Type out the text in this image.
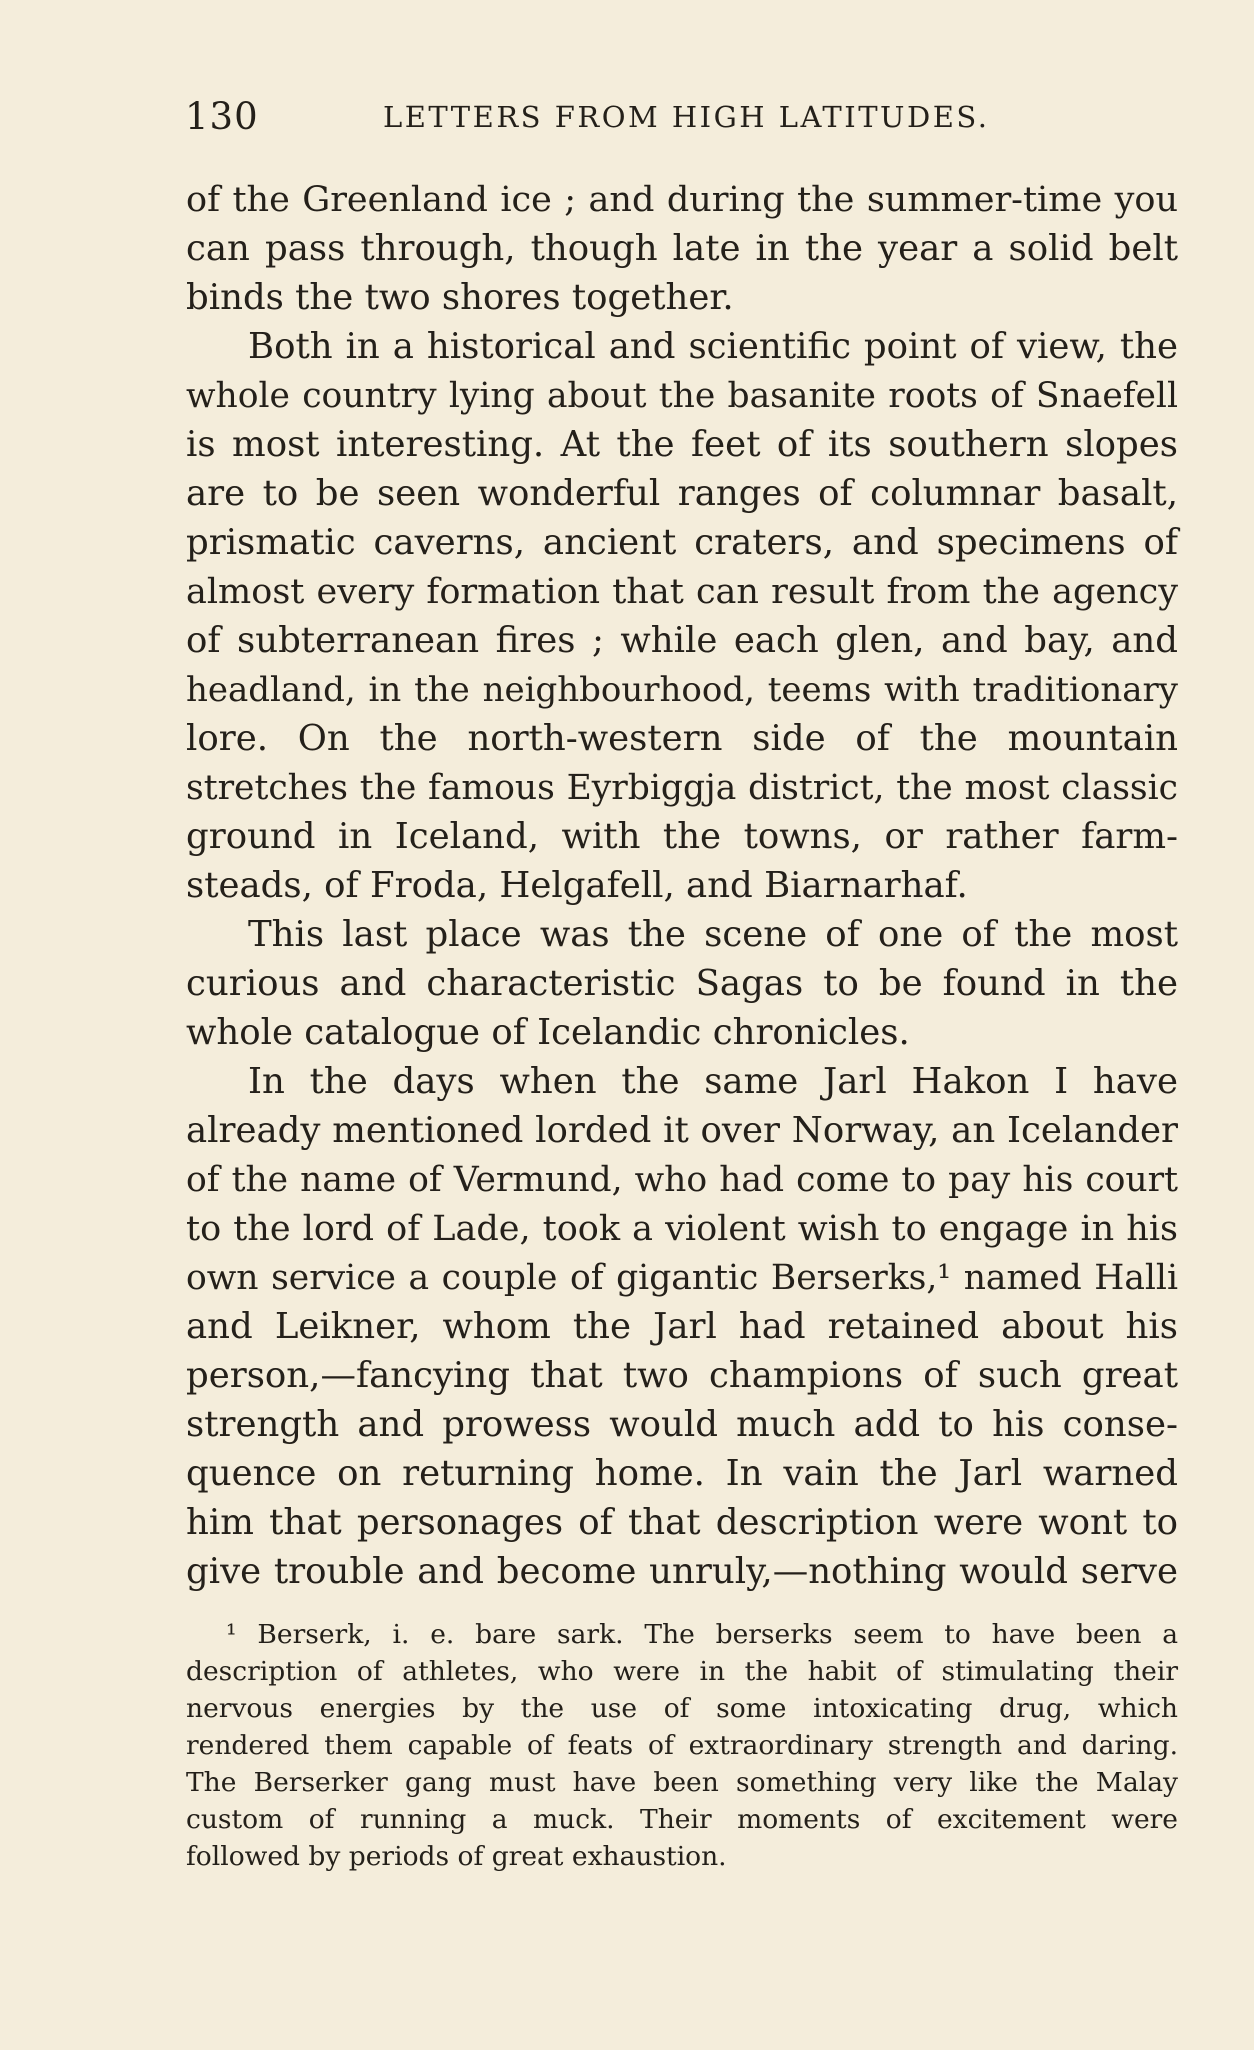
130	LETTERS FROM HIGH LATITUDES.
of the Greenland ice ; and during the summer-time you
can pass through, though late in the year a solid belt
binds the two shores together.
Both in a historical and scientific point of view, the
whole country lying about the basanite roots of Snaefell
is most interesting. At the feet of its southern slopes
are to be seen wonderful ranges of columnar basalt,
prismatic caverns, ancient craters, and specimens of
almost every formation that can result from the agency
of subterranean fires ; while each glen, and bay, and
headland, in the neighbourhood, teems with traditionary
lore. On the north-western side of the mountain
stretches the famous Eyrbiggja district, the most classic
ground in Iceland, with the towns, or rather farm-
steads, of Froda, Helgafell, and Biarnarhaf.
This last place was the scene of one of the most
curious and characteristic Sagas to be found in the
whole catalogue of Icelandic chronicles.
In the days when the same Jarl Hakon I have
already mentioned lorded it over Norway, an Icelander
of the name of Vermund, who had come to pay his court
to the lord of Lade, took a violent wish to engage in his
own service a couple of gigantic Berserks,¹ named Halli
and Leikner, whom the Jarl had retained about his
person,—fancying that two champions of such great
strength and prowess would much add to his conse-
quence on returning home. In vain the Jarl warned
him that personages of that description were wont to
give trouble and become unruly,—nothing would serve
¹ Berserk, i. e. bare sark. The berserks seem to have been a
description of athletes, who were in the habit of stimulating their
nervous energies by the use of some intoxicating drug, which
rendered them capable of feats of extraordinary strength and daring.
The Berserker gang must have been something very like the Malay
custom of running a muck. Their moments of excitement were
followed by periods of great exhaustion.
